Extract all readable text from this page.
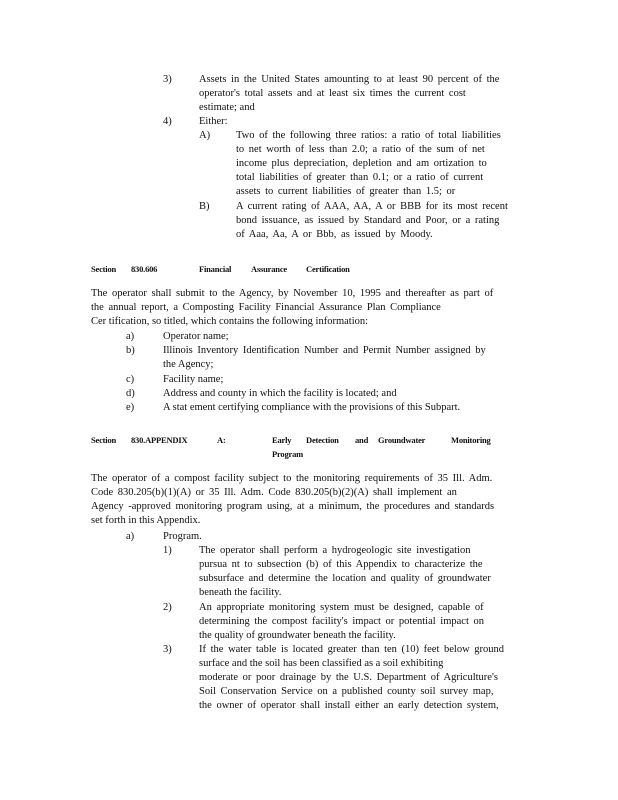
3)	Assets in the United States amounting to at least 90 percent of the
operator's total assets and at least six times the current cost
estimate; and
4)	Either:
A) Two of the following three ratios: a ratio of total liabilities
to net worth of less than 2.0; a ratio of the sum of net
income plus depreciation, depletion and am ortization to
total liabilities of greater than 0.1; or a ratio of current
assets to current liabilities of greater than 1.5; or
B)	A current rating of AAA, AA, A or BBB for its most recent
bond issuance, as issued by Standard and Poor, or a rating
of Aaa, Aa, A or Bbb, as issued by Moody.
Section 830.606	Financial Assurance Certification
The operator shall submit to the Agency, by November 10, 1995 and thereafter as part of
the annual report, a Composting Facility Financial Assurance Plan Compliance
Cer tification, so titled, which contains the following information:
a)	Operator name;
b)	Illinois Inventory Identification Number and Permit Number assigned by
the Agency;
c)	Facility name;
d)	Address and county in which the facility is located; and
e)	A stat ement certifying compliance with the provisions of this Subpart.
Section 830.APPENDIX	A:	Early Detection and Groundwater	Monitoring
Program
The operator of a compost facility subject to the monitoring requirements of 35 Ill. Adm.
Code 830.205(b)(1)(A) or 35 Ill. Adm. Code 830.205(b)(2)(A) shall implement an
Agency -approved monitoring program using, at a minimum, the procedures and standards
set forth in this Appendix.
a)	Program.
1)	The operator shall perform a hydrogeologic site investigation
pursua nt to subsection (b) of this Appendix to characterize the
subsurface and determine the location and quality of groundwater
beneath the facility.
2)	An appropriate monitoring system must be designed, capable of
determining the compost facility's impact or potential impact on
the quality of groundwater beneath the facility.
3)	If the water table is located greater than ten (10) feet below ground
surface and the soil has been classified as a soil exhibiting
moderate or poor drainage by the U.S. Department of Agriculture's
Soil Conservation Service on a published county soil survey map,
the owner of operator shall install either an early detection system,
